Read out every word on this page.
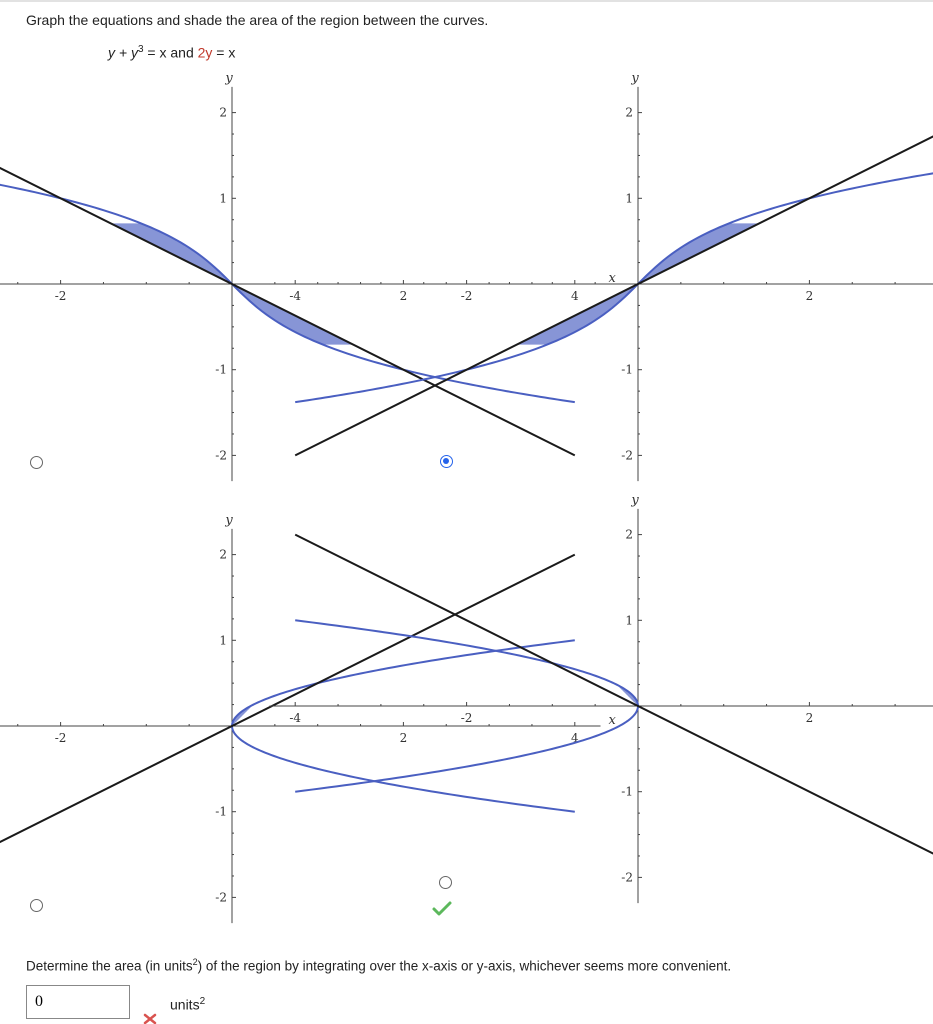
Graph the equations and shade the area of the region between the curves.
$y + y^3 = x$ and 2y = x
-2	2	4
2
1
-1
-2
x
y
-4	-2	2
2
1
-1
-2
y
-2	2	4
2
1
-1
-2
x
y
-4	-2	2
2
1
-1
-2
y
Determine the area (in units$^2$) of the region by integrating over the x-axis or y-axis, whichever seems more convenient.
0
units$^2$
